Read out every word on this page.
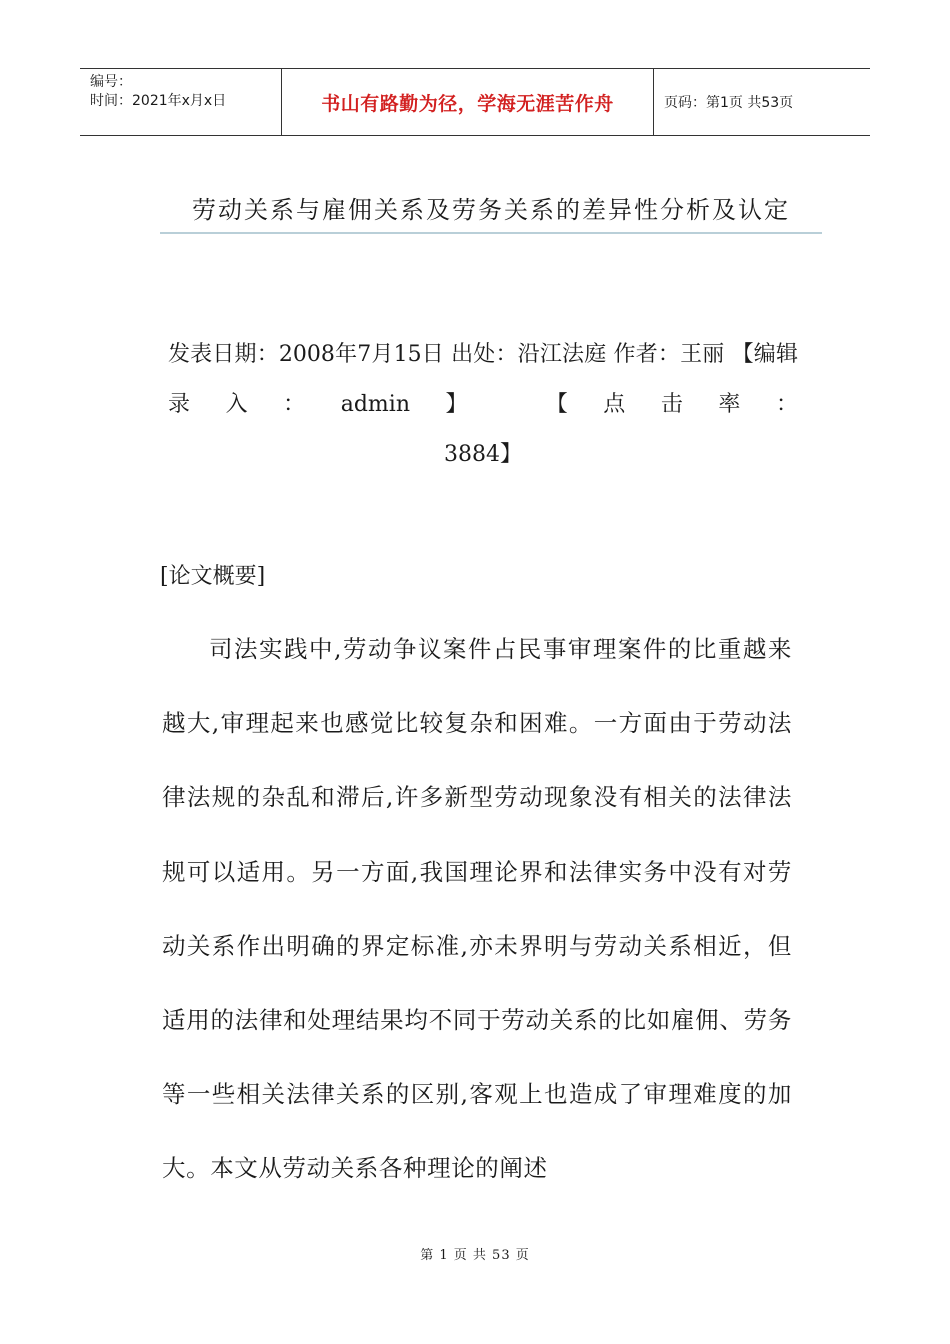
编号：
时间：2021年x月x日	书山有路勤为径，学海无涯苦作舟	页码：第1页 共53页
劳动关系与雇佣关系及劳务关系的差异性分析及认定
发表日期：2008年7月15日 出处：沿江法庭 作者：王丽 【编辑录入：admin】 【点击率：
3884】
[论文概要]
司法实践中,劳动争议案件占民事审理案件的比重越来越大,审理起来也感觉比较复杂和困难。一方面由于劳动法律法规的杂乱和滞后,许多新型劳动现象没有相关的法律法规可以适用。另一方面,我国理论界和法律实务中没有对劳动关系作出明确的界定标准,亦未界明与劳动关系相近，但适用的法律和处理结果均不同于劳动关系的比如雇佣、劳务等一些相关法律关系的区别,客观上也造成了审理难度的加大。本文从劳动关系各种理论的阐述
第 1 页 共 53 页
